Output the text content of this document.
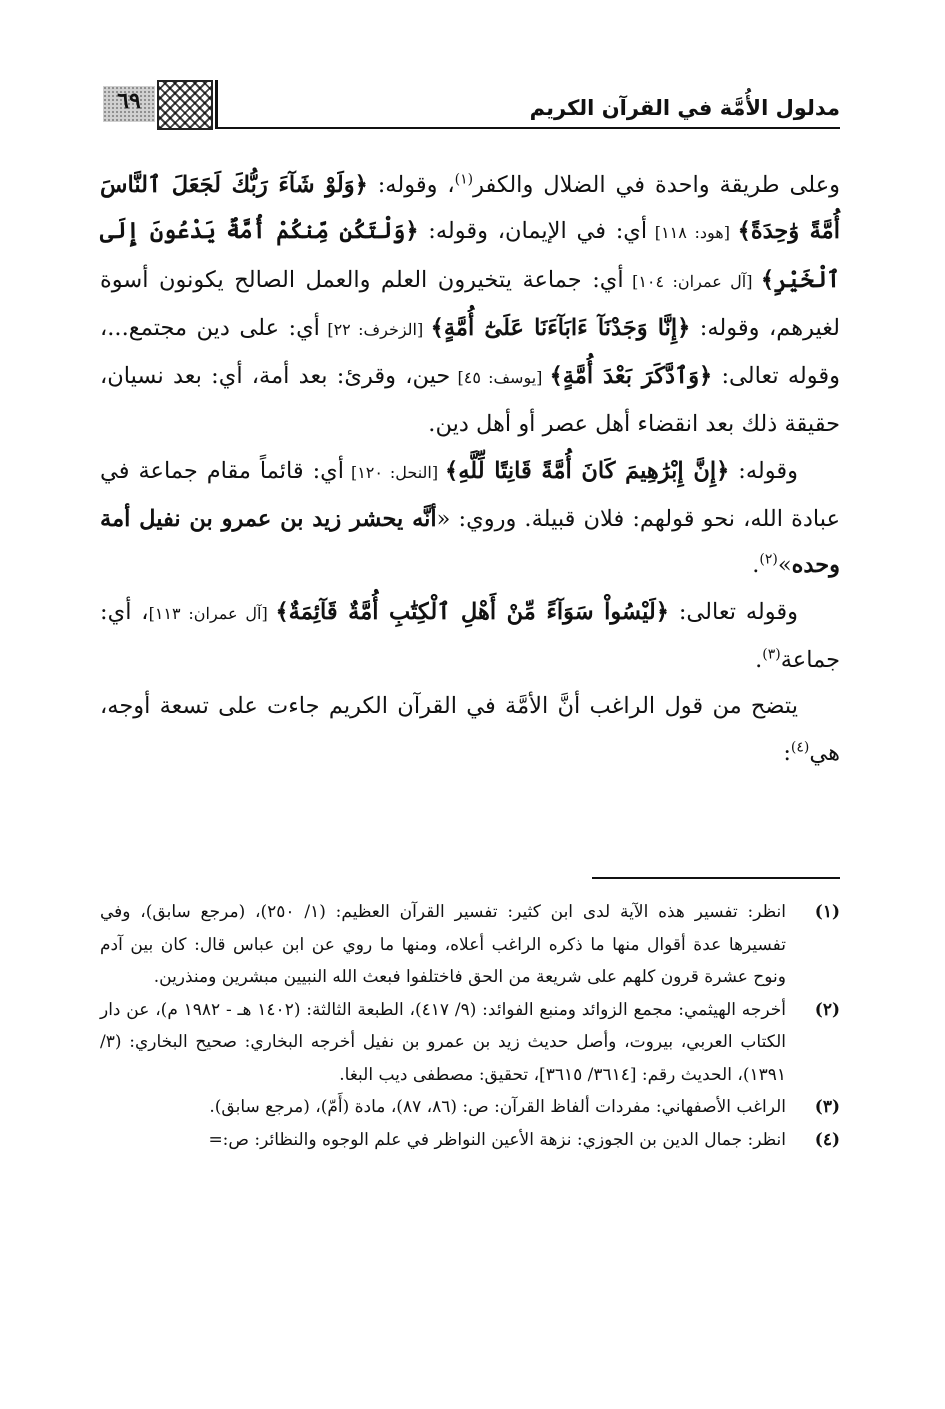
٦٩	مدلول الأُمَّة في القرآن الكريم

وعلى طريقة واحدة في الضلال والكفر$^{(١)}$، وقوله: ﴿وَلَوْ شَآءَ رَبُّكَ لَجَعَلَ ٱلنَّاسَ أُمَّةً وَٰحِدَةً﴾ [هود: ١١٨] أي: في الإيمان، وقوله: ﴿وَلْتَكُن مِّنكُمْ أُمَّةٌ يَدْعُونَ إِلَى ٱلْخَيْرِ﴾ [آل عمران: ١٠٤] أي: جماعة يتخيرون العلم والعمل الصالح يكونون أسوة لغيرهم، وقوله: ﴿إِنَّا وَجَدْنَآ ءَابَآءَنَا عَلَىٰٓ أُمَّةٍ﴾ [الزخرف: ٢٢] أي: على دين مجتمع...، وقوله تعالى: ﴿وَٱدَّكَرَ بَعْدَ أُمَّةٍ﴾ [يوسف: ٤٥] حين، وقرئ: بعد أمة، أي: بعد نسيان، حقيقة ذلك بعد انقضاء أهل عصر أو أهل دين.

وقوله: ﴿إِنَّ إِبْرَٰهِيمَ كَانَ أُمَّةً قَانِتًا لِّلَّهِ﴾ [النحل: ١٢٠] أي: قائماً مقام جماعة في عبادة الله، نحو قولهم: فلان قبيلة. وروي: «أنَّه يحشر زيد بن عمرو بن نفيل أمة وحده»$^{(٢)}$.

وقوله تعالى: ﴿لَيْسُواْ سَوَآءً مِّنْ أَهْلِ ٱلْكِتَٰبِ أُمَّةٌ قَآئِمَةٌ﴾ [آل عمران: ١١٣]، أي: جماعة$^{(٣)}$.

يتضح من قول الراغب أنَّ الأمَّة في القرآن الكريم جاءت على تسعة أوجه، هي$^{(٤)}$:

(١)
انظر: تفسير هذه الآية لدى ابن كثير: تفسير القرآن العظيم: (١/ ٢٥٠)، (مرجع سابق)، وفي تفسيرها عدة أقوال منها ما ذكره الراغب أعلاه، ومنها ما روي عن ابن عباس قال: كان بين آدم ونوح عشرة قرون كلهم على شريعة من الحق فاختلفوا فبعث الله النبيين مبشرين ومنذرين.
(٢)
أخرجه الهيثمي: مجمع الزوائد ومنبع الفوائد: (٩/ ٤١٧)، الطبعة الثالثة: (١٤٠٢ هـ - ١٩٨٢ م)، عن دار الكتاب العربي، بيروت، وأصل حديث زيد بن عمرو بن نفيل أخرجه البخاري: صحيح البخاري: (٣/ ١٣٩١)، الحديث رقم: [٣٦١٤/ ٣٦١٥]، تحقيق: مصطفى ديب البغا.
(٣)
الراغب الأصفهاني: مفردات ألفاظ القرآن: ص: (٨٦، ٨٧)، مادة (أَمّ)، (مرجع سابق).
(٤)
انظر: جمال الدين بن الجوزي: نزهة الأعين النواظر في علم الوجوه والنظائر: ص:=
